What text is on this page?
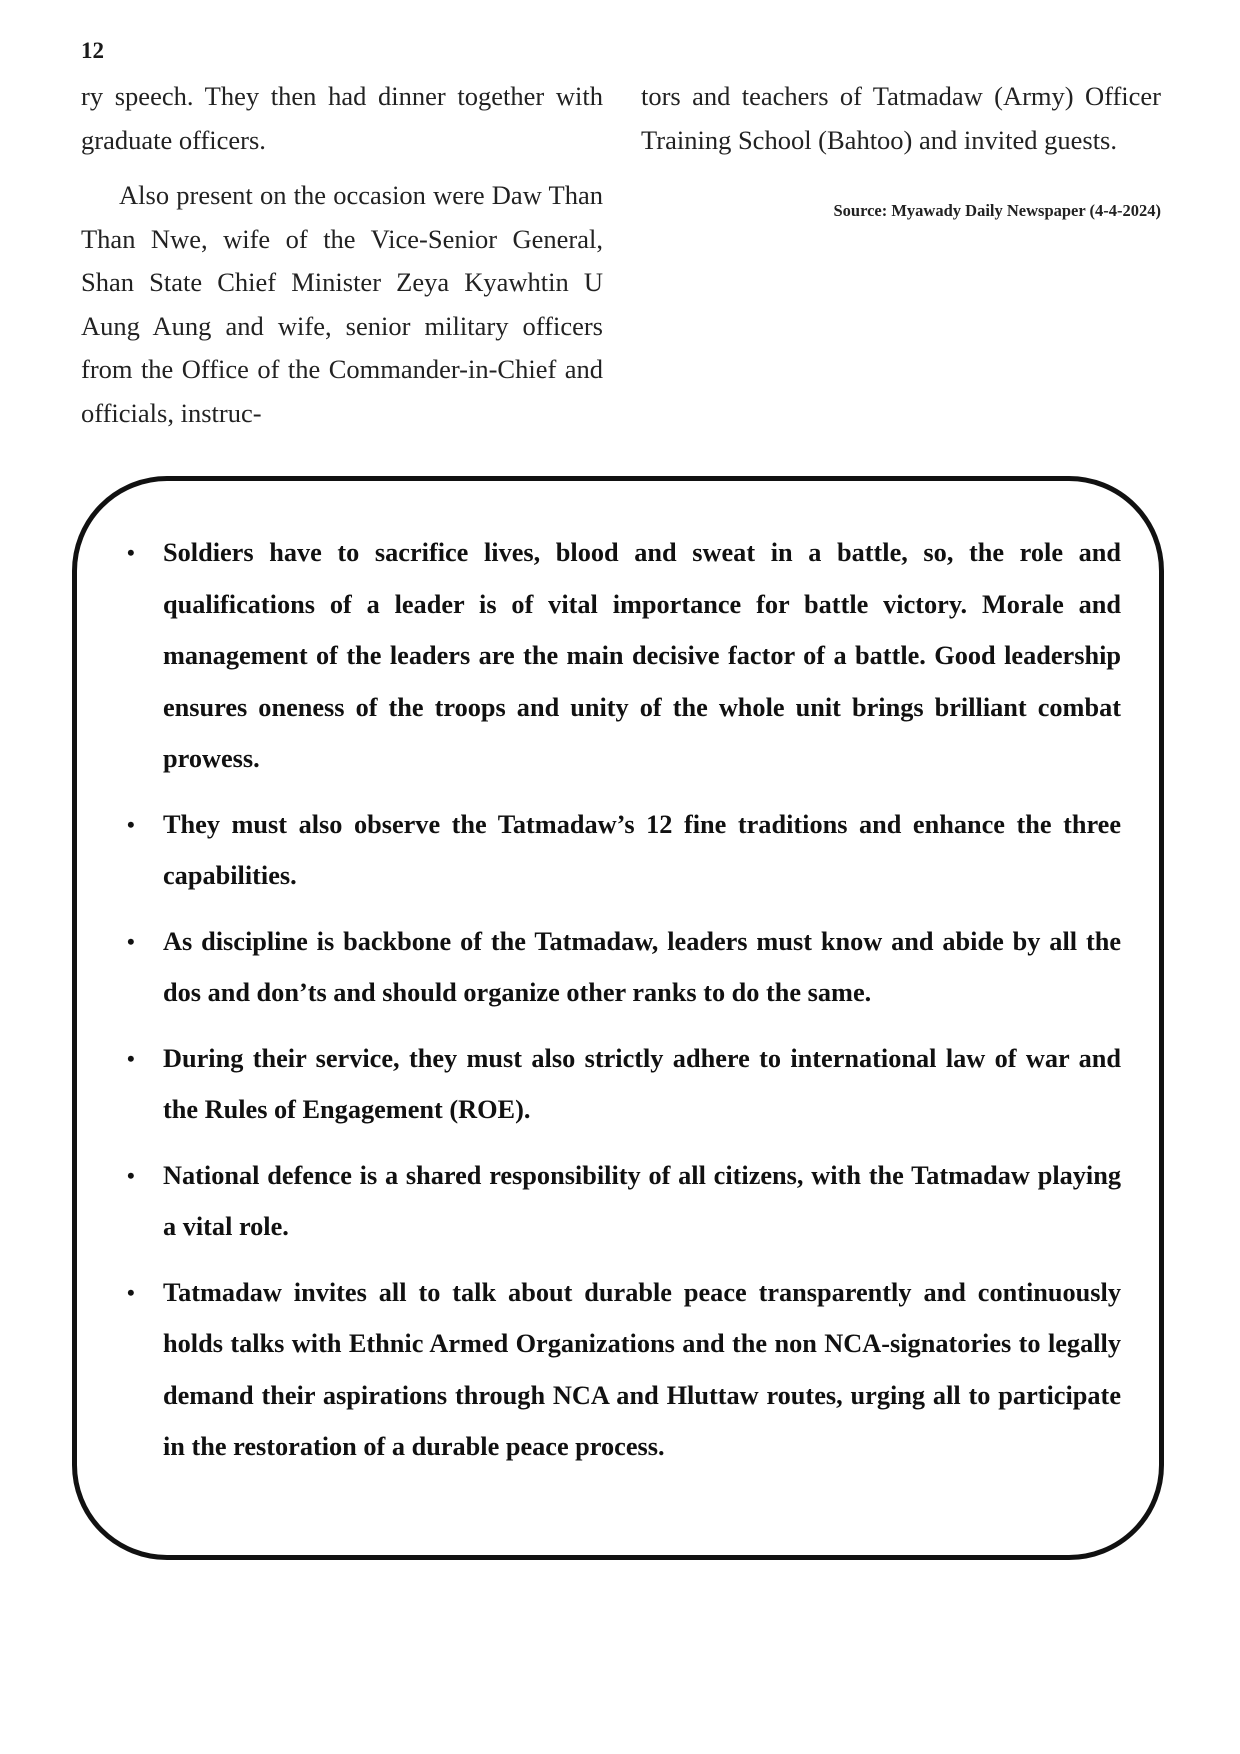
12

ry speech. They then had dinner together with graduate officers.

Also present on the occasion were Daw Than Than Nwe, wife of the Vice-Senior General, Shan State Chief Minister Zeya Kyawhtin U Aung Aung and wife, senior military officers from the Office of the Commander-in-Chief and officials, instruc-

tors and teachers of Tatmadaw (Army) Officer Training School (Bahtoo) and invited guests.

Source: Myawady Daily Newspaper (4-4-2024)

• Soldiers have to sacrifice lives, blood and sweat in a battle, so, the role and qualifications of a leader is of vital importance for battle victory. Morale and management of the leaders are the main decisive factor of a battle. Good leadership ensures oneness of the troops and unity of the whole unit brings brilliant combat prowess.
• They must also observe the Tatmadaw’s 12 fine traditions and enhance the three capabilities.
• As discipline is backbone of the Tatmadaw, leaders must know and abide by all the dos and don’ts and should organize other ranks to do the same.
• During their service, they must also strictly adhere to international law of war and the Rules of Engagement (ROE).
• National defence is a shared responsibility of all citizens, with the Tatmadaw playing a vital role.
• Tatmadaw invites all to talk about durable peace transparently and continuously holds talks with Ethnic Armed Organizations and the non NCA-signatories to legally demand their aspirations through NCA and Hluttaw routes, urging all to participate in the restoration of a durable peace process.
